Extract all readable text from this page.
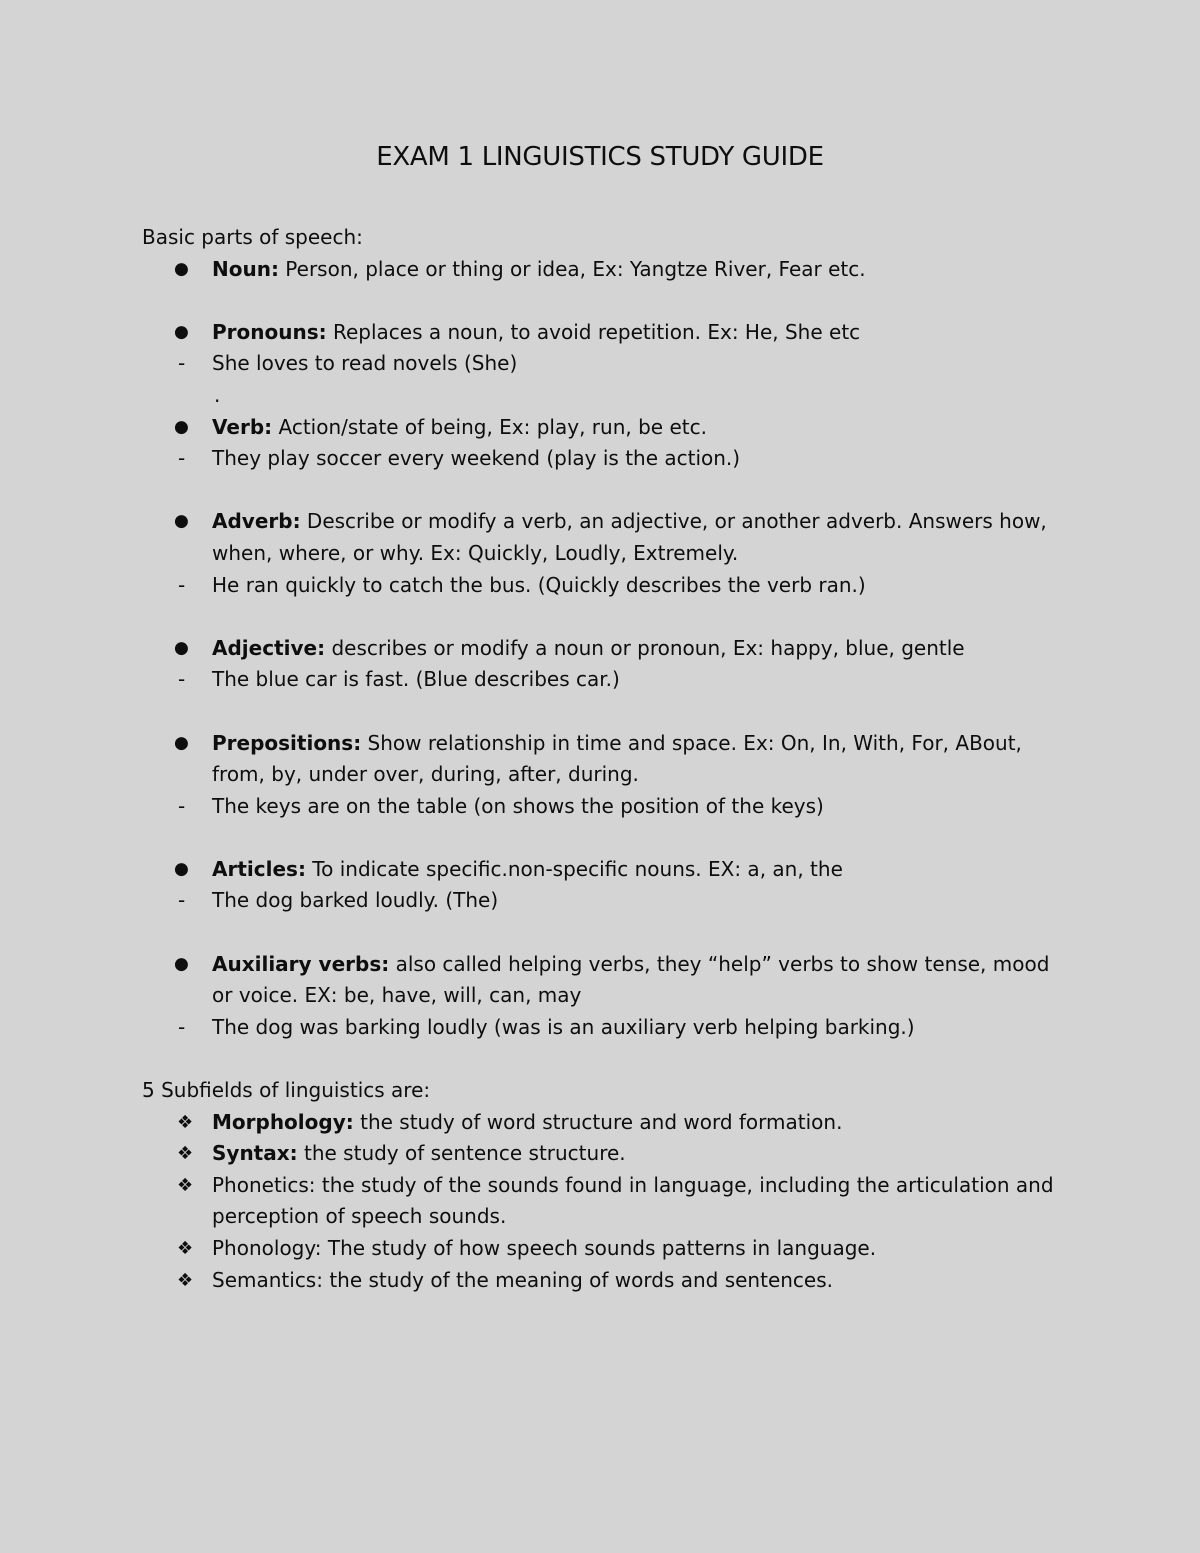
EXAM 1 LINGUISTICS STUDY GUIDE

Basic parts of speech:

● Noun: Person, place or thing or idea, Ex: Yangtze River, Fear etc.
● Pronouns: Replaces a noun, to avoid repetition. Ex: He, She etc
- She loves to read novels (She)
.
● Verb: Action/state of being, Ex: play, run, be etc.
- They play soccer every weekend (play is the action.)
● Adverb: Describe or modify a verb, an adjective, or another adverb. Answers how, when, where, or why. Ex: Quickly, Loudly, Extremely.
- He ran quickly to catch the bus. (Quickly describes the verb ran.)
● Adjective: describes or modify a noun or pronoun, Ex: happy, blue, gentle
- The blue car is fast. (Blue describes car.)
● Prepositions: Show relationship in time and space. Ex: On, In, With, For, ABout, from, by, under over, during, after, during.
- The keys are on the table (on shows the position of the keys)
● Articles: To indicate specific.non-specific nouns. EX: a, an, the
- The dog barked loudly. (The)
● Auxiliary verbs: also called helping verbs, they “help” verbs to show tense, mood or voice. EX: be, have, will, can, may
- The dog was barking loudly (was is an auxiliary verb helping barking.)

5 Subfields of linguistics are:

❖ Morphology: the study of word structure and word formation.
❖ Syntax: the study of sentence structure.
❖ Phonetics: the study of the sounds found in language, including the articulation and perception of speech sounds.
❖ Phonology: The study of how speech sounds patterns in language.
❖ Semantics: the study of the meaning of words and sentences.
